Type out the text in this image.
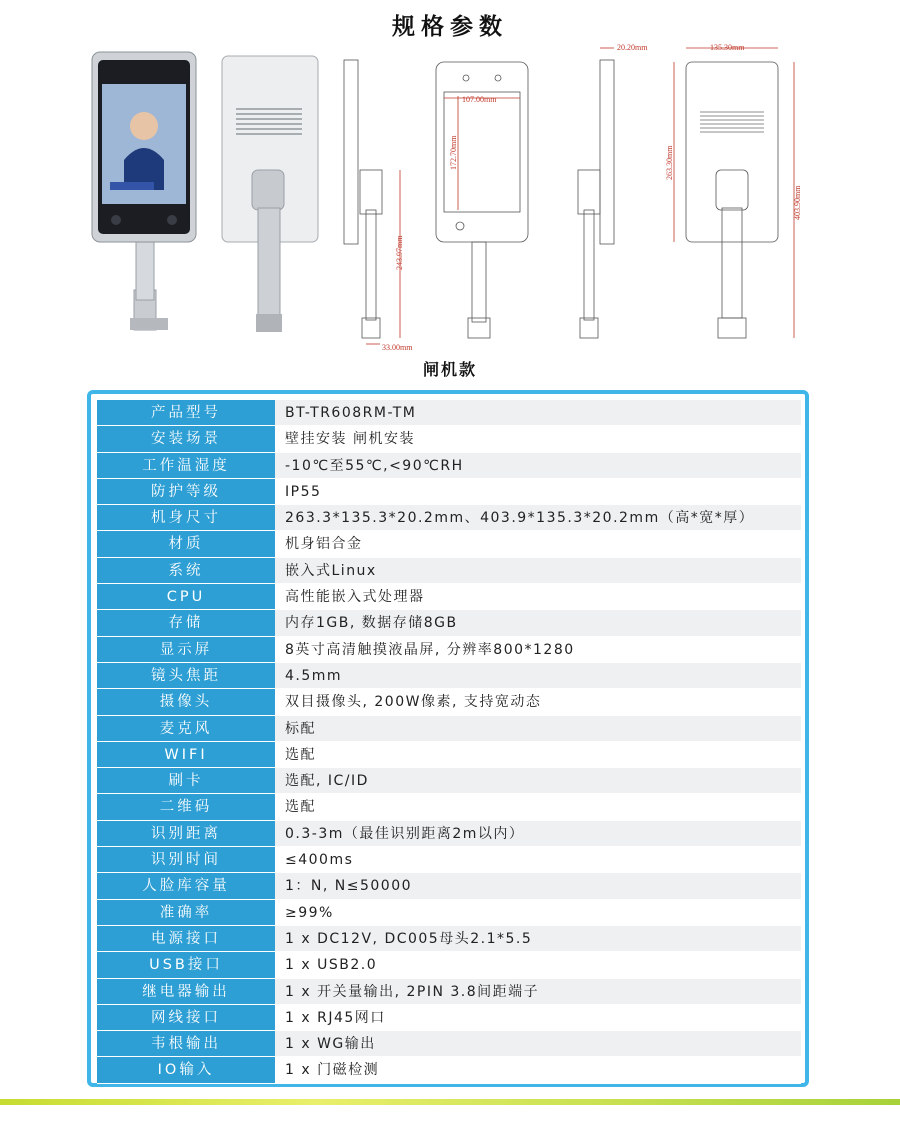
规格参数
243.97mm
33.00mm
107.00mm
172.70mm
20.20mm	135.30mm
263.30mm
403.90mm
闸机款
产品型号	BT-TR608RM-TM
安装场景	壁挂安装 闸机安装
工作温湿度	-10℃至55℃,<90℃RH
防护等级	IP55
机身尺寸	263.3*135.3*20.2mm、403.9*135.3*20.2mm（高*宽*厚）
材质	机身铝合金
系统	嵌入式Linux
CPU	高性能嵌入式处理器
存储	内存1GB, 数据存储8GB
显示屏	8英寸高清触摸液晶屏, 分辨率800*1280
镜头焦距	4.5mm
摄像头	双目摄像头, 200W像素, 支持宽动态
麦克风	标配
WIFI	选配
刷卡	选配, IC/ID
二维码	选配
识别距离	0.3-3m（最佳识别距离2m以内）
识别时间	≤400ms
人脸库容量	1：N, N≤50000
准确率	≥99%
电源接口	1 x DC12V, DC005母头2.1*5.5
USB接口	1 x USB2.0
继电器输出	1 x 开关量输出, 2PIN 3.8间距端子
网线接口	1 x RJ45网口
韦根输出	1 x WG输出
IO输入	1 x 门磁检测
